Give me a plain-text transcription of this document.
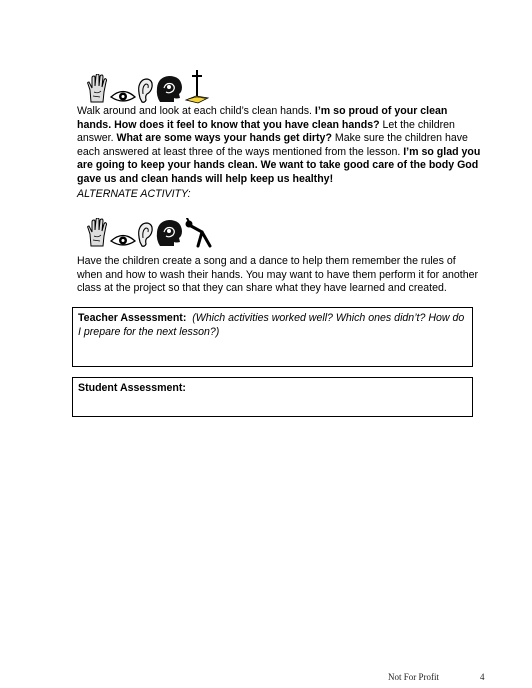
Walk around and look at each child’s clean hands. I’m so proud of your clean hands. How does it feel to know that you have clean hands? Let the children answer. What are some ways your hands get dirty? Make sure the children have each answered at least three of the ways mentioned from the lesson. I’m so glad you are going to keep your hands clean. We want to take good care of the body God gave us and clean hands will help keep us healthy!

ALTERNATE ACTIVITY:

Have the children create a song and a dance to help them remember the rules of when and how to wash their hands. You may want to have them perform it for another class at the project so that they can share what they have learned and created.

Teacher Assessment: (Which activities worked well? Which ones didn’t? How do I prepare for the next lesson?)
Student Assessment:
Not For Profit	4
